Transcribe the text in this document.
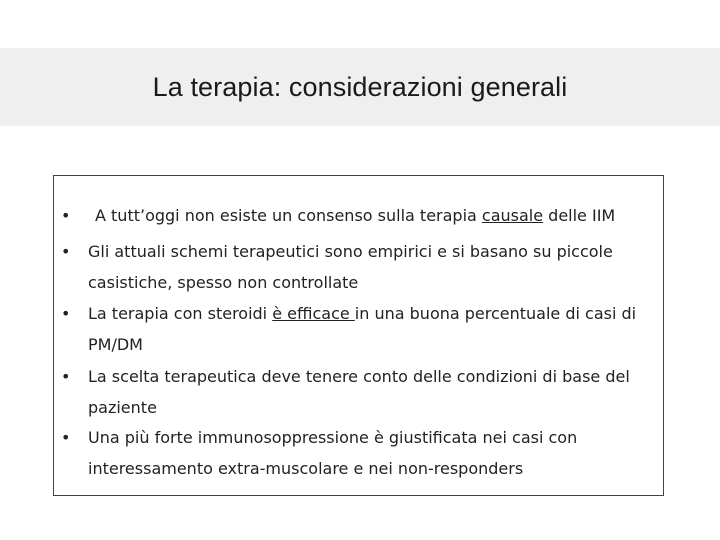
La terapia: considerazioni generali
• A tutt’oggi non esiste un consenso sulla terapia causale delle IIM
• Gli attuali schemi terapeutici sono empirici e si basano su piccole casistiche, spesso non controllate
• La terapia con steroidi è efficace in una buona percentuale di casi di PM/DM
• La scelta terapeutica deve tenere conto delle condizioni di base del paziente
• Una più forte immunosoppressione è giustificata nei casi con interessamento extra-muscolare e nei non-responders
